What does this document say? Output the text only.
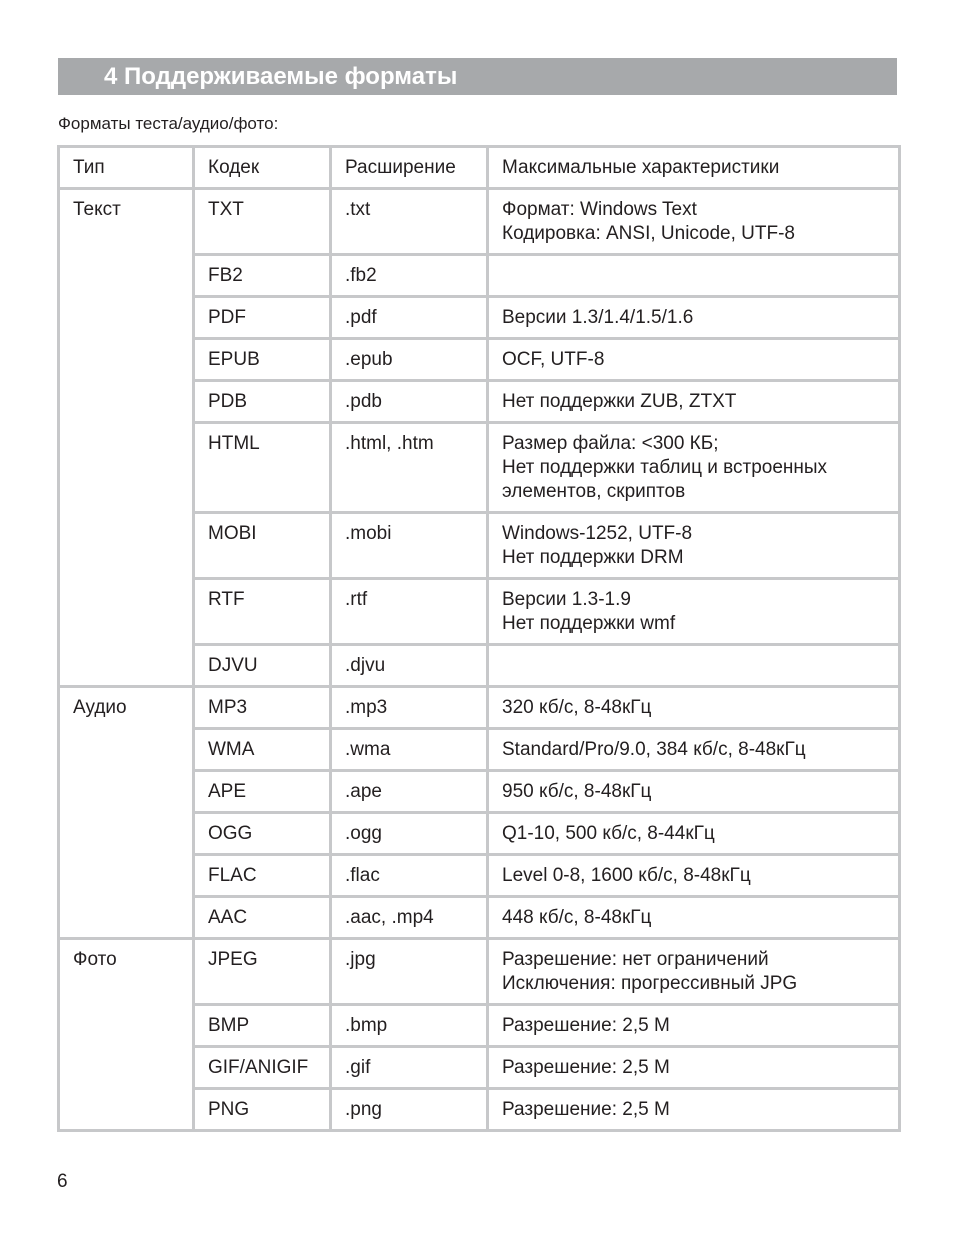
4 Поддерживаемые форматы
Форматы теста/аудио/фото:
Тип	Кодек	Расширение	Максимальные характеристики
Текст	TXT	.txt	Формат: Windows Text
Кодировка: ANSI, Unicode, UTF-8

	FB2	.fb2	
	PDF	.pdf	Версии 1.3/1.4/1.5/1.6

	EPUB	.epub	OCF, UTF-8

	PDB	.pdb	Нет поддержки ZUB, ZTXT

	HTML	.html, .htm	Размер файла: <300 КБ;
Нет поддержки таблиц и встроенных
элементов, скриптов

	MOBI	.mobi	Windows-1252, UTF-8
Нет поддержки DRM

	RTF	.rtf	Версии 1.3-1.9
Нет поддержки wmf

	DJVU	.djvu	
Аудио	MP3	.mp3	320 кб/с, 8-48кГц

	WMA	.wma	Standard/Pro/9.0, 384 кб/с, 8-48кГц

	APE	.ape	950 кб/с, 8-48кГц

	OGG	.ogg	Q1-10, 500 кб/с, 8-44кГц

	FLAC	.flac	Level 0-8, 1600 кб/с, 8-48кГц

	AAC	.aac, .mp4	448 кб/с, 8-48кГц

Фото	JPEG	.jpg	Разрешение: нет ограничений
Исключения: прогрессивный JPG

	BMP	.bmp	Разрешение: 2,5 M

	GIF/ANIGIF	.gif	Разрешение: 2,5 M

	PNG	.png	Разрешение: 2,5 M
6
